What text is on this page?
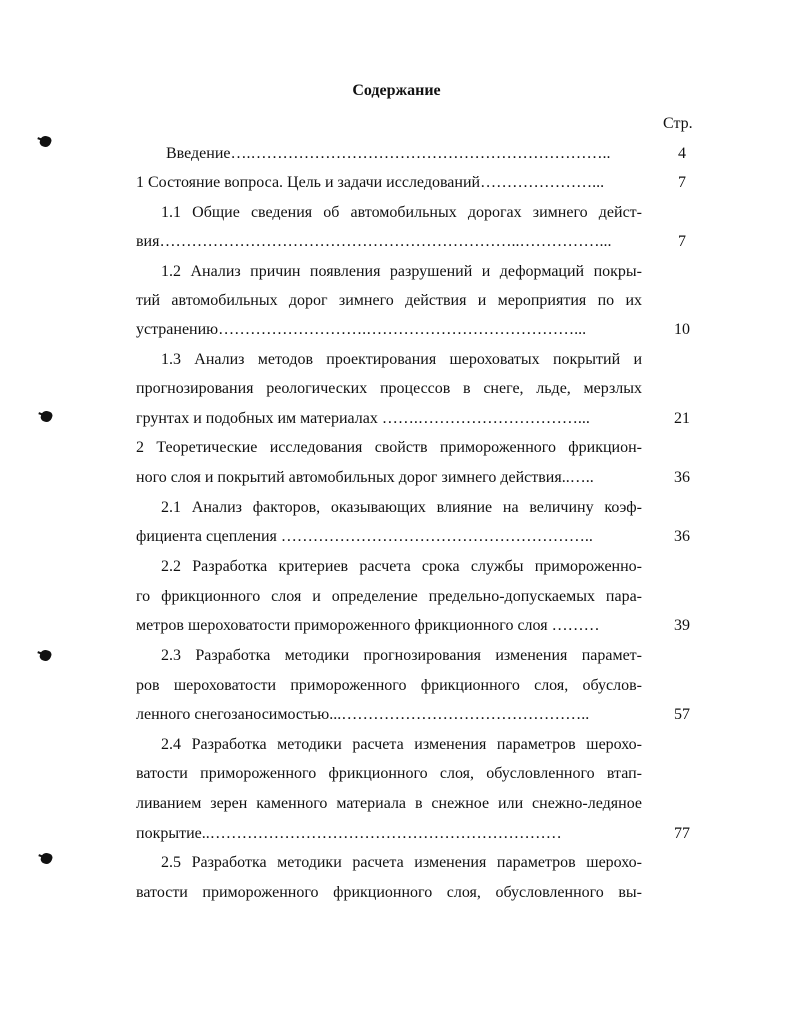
Содержание
Стр.
Введение….…………………………………………………………..	4
1 Состояние вопроса. Цель и задачи исследований…………………...	7
1.1 Общие сведения об автомобильных дорогах зимнего дейст-
вия…………………………………………………………..……………...	7
1.2 Анализ причин появления разрушений и деформаций покры-
тий автомобильных дорог зимнего действия и мероприятия по их
устранению……………………….…………………………………...	10
1.3 Анализ методов проектирования шероховатых покрытий и
прогнозирования реологических процессов в снеге, льде, мерзлых
грунтах и подобных им материалах …….…………………………...	21
2 Теоретические исследования свойств примороженного фрикцион-
ного слоя и покрытий автомобильных дорог зимнего действия..…..	36
2.1 Анализ факторов, оказывающих влияние на величину коэф-
фициента сцепления …………………………………………………..	36
2.2 Разработка критериев расчета срока службы примороженно-
го фрикционного слоя и определение предельно-допускаемых пара-
метров шероховатости примороженного фрикционного слоя ………	39
2.3 Разработка методики прогнозирования изменения парамет-
ров шероховатости примороженного фрикционного слоя, обуслов-
ленного снегозаносимостью...………………………………………..	57
2.4 Разработка методики расчета изменения параметров шерохо-
ватости примороженного фрикционного слоя, обусловленного втап-
ливанием зерен каменного материала в снежное или снежно-ледяное
покрытие..…………………………………………………………	77
2.5 Разработка методики расчета изменения параметров шерохо-
ватости примороженного фрикционного слоя, обусловленного вы-
